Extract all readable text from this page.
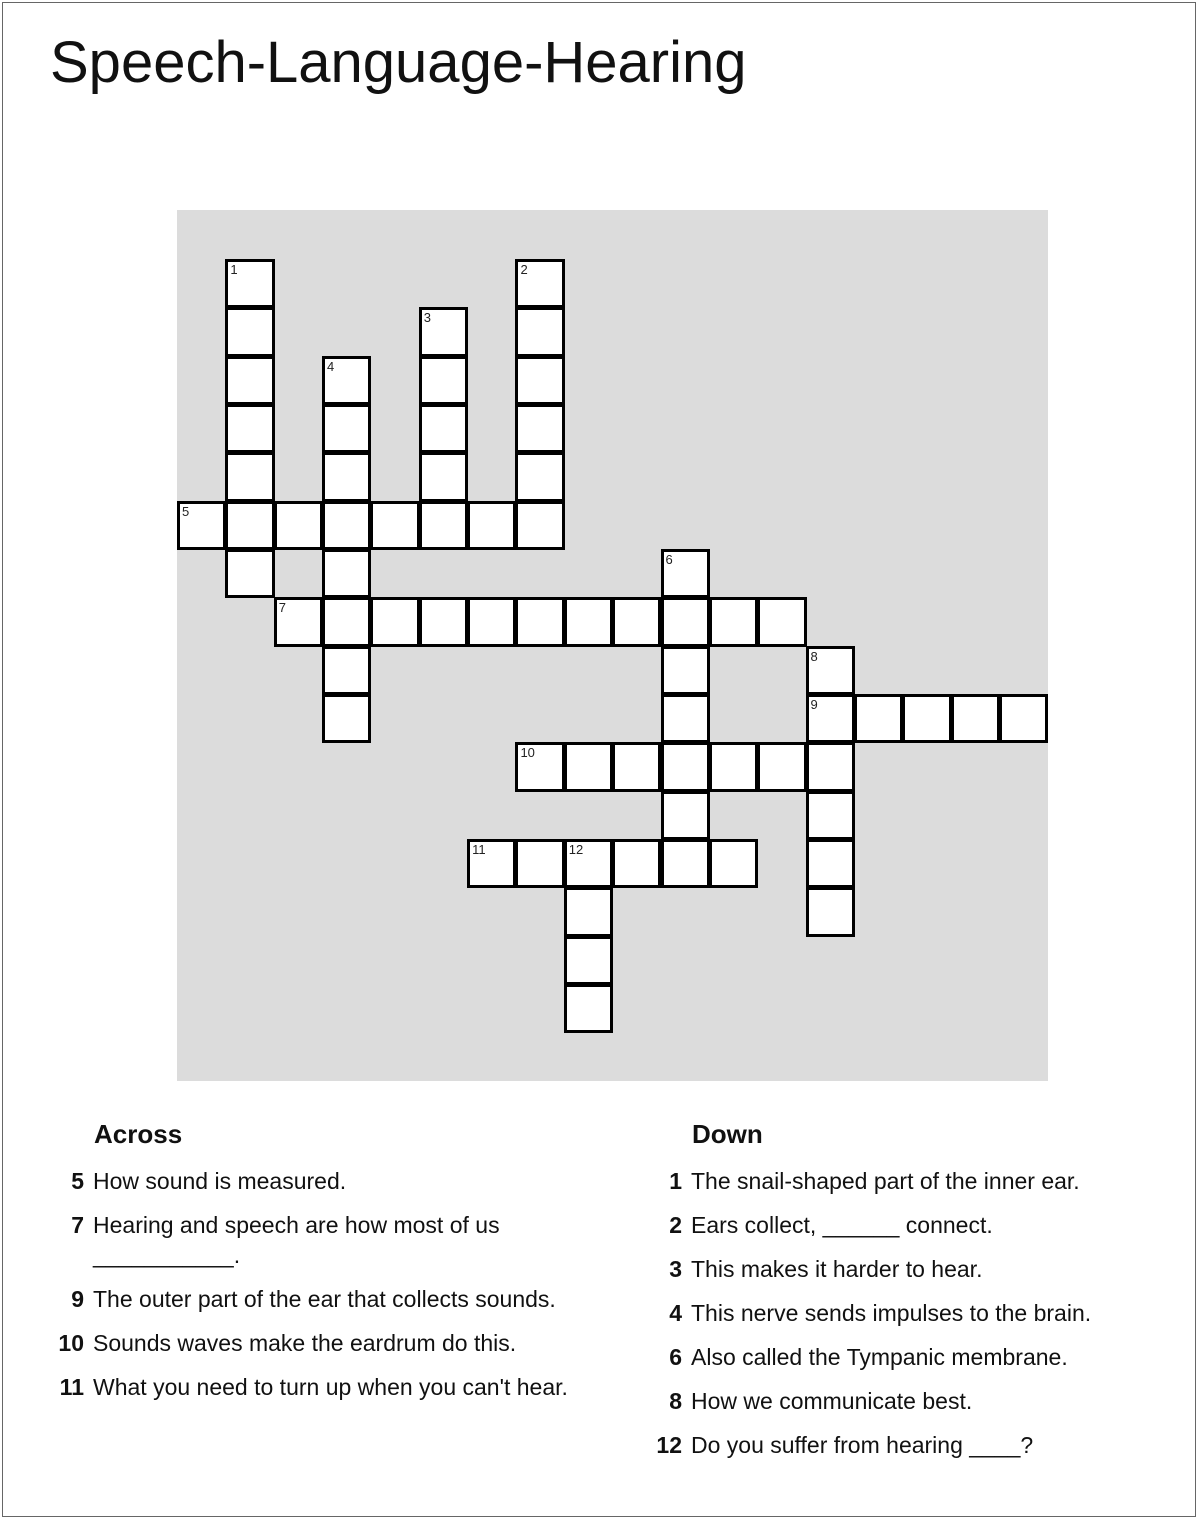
Speech-Language-Hearing
1	2
3
4
5
6
7
8
9
10
11	12
Across
5 How sound is measured.
7 Hearing and speech are how most of us ___________.
9 The outer part of the ear that collects sounds.
10 Sounds waves make the eardrum do this.
11 What you need to turn up when you can't hear.
Down
1 The snail-shaped part of the inner ear.
2 Ears collect, ______ connect.
3 This makes it harder to hear.
4 This nerve sends impulses to the brain.
6 Also called the Tympanic membrane.
8 How we communicate best.
12 Do you suffer from hearing ____?
